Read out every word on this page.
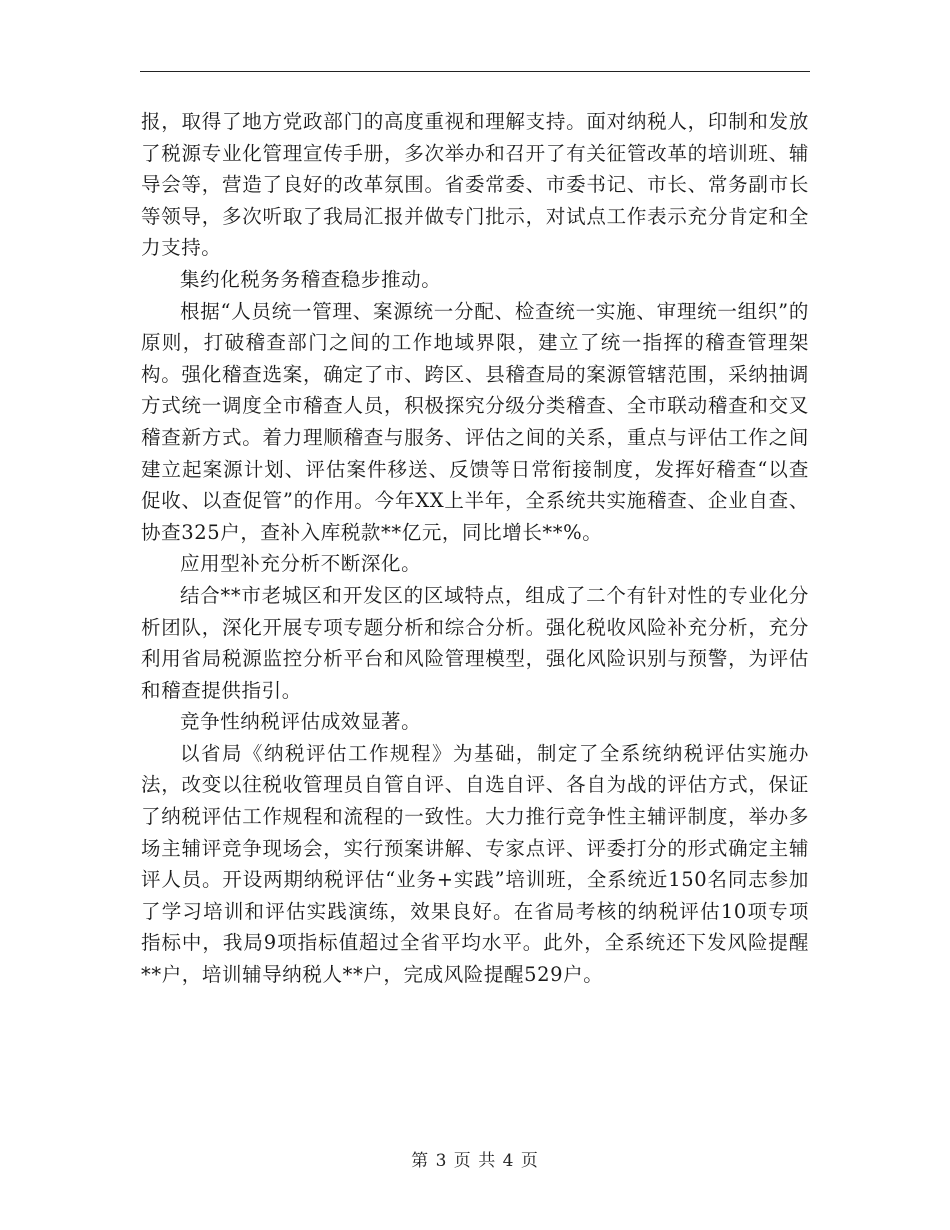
报，取得了地方党政部门的高度重视和理解支持。面对纳税人，印制和发放了税源专业化管理宣传手册，多次举办和召开了有关征管改革的培训班、辅导会等，营造了良好的改革氛围。省委常委、市委书记、市长、常务副市长等领导，多次听取了我局汇报并做专门批示，对试点工作表示充分肯定和全力支持。

集约化税务务稽查稳步推动。

根据“人员统一管理、案源统一分配、检查统一实施、审理统一组织”的原则，打破稽查部门之间的工作地域界限，建立了统一指挥的稽查管理架构。强化稽查选案，确定了市、跨区、县稽查局的案源管辖范围，采纳抽调方式统一调度全市稽查人员，积极探究分级分类稽查、全市联动稽查和交叉稽查新方式。着力理顺稽查与服务、评估之间的关系，重点与评估工作之间建立起案源计划、评估案件移送、反馈等日常衔接制度，发挥好稽查“以查促收、以查促管”的作用。今年XX上半年，全系统共实施稽查、企业自查、协查325户，查补入库税款**亿元，同比增长**%。

应用型补充分析不断深化。

结合**市老城区和开发区的区域特点，组成了二个有针对性的专业化分析团队，深化开展专项专题分析和综合分析。强化税收风险补充分析，充分利用省局税源监控分析平台和风险管理模型，强化风险识别与预警，为评估和稽查提供指引。

竞争性纳税评估成效显著。

以省局《纳税评估工作规程》为基础，制定了全系统纳税评估实施办法，改变以往税收管理员自管自评、自选自评、各自为战的评估方式，保证了纳税评估工作规程和流程的一致性。大力推行竞争性主辅评制度，举办多场主辅评竞争现场会，实行预案讲解、专家点评、评委打分的形式确定主辅评人员。开设两期纳税评估“业务+实践”培训班，全系统近150名同志参加了学习培训和评估实践演练，效果良好。在省局考核的纳税评估10项专项指标中，我局9项指标值超过全省平均水平。此外，全系统还下发风险提醒**户，培训辅导纳税人**户，完成风险提醒529户。

第 3 页 共 4 页
